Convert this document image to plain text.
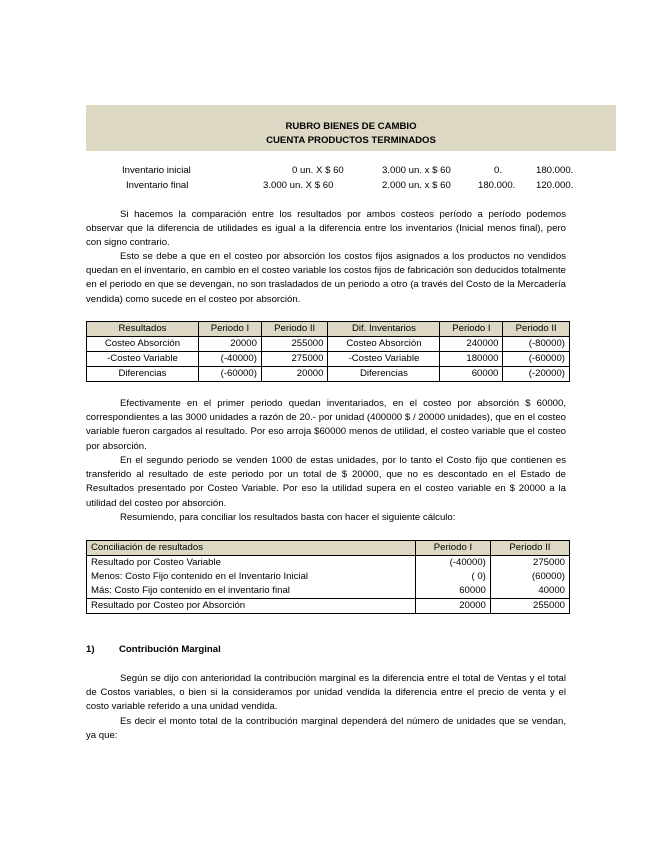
RUBRO BIENES DE CAMBIO
CUENTA PRODUCTOS TERMINADOS
Inventario inicial	0 un. X $ 60	3.000 un. x $ 60	0.	180.000.
Inventario final	3.000 un. X $ 60	2.000 un. x $ 60	180.000. 120.000.

Si hacemos la comparación entre los resultados por ambos costeos período a período podemos observar que la diferencia de utilidades es igual a la diferencia entre los inventarios (Inicial menos final), pero con signo contrario.

Esto se debe a que en el costeo por absorción los costos fijos asignados a los productos no vendidos quedan en el inventario, en cambio en el costeo variable los costos fijos de fabricación son deducidos totalmente en el periodo en que se devengan, no son trasladados de un periodo a otro (a través del Costo de la Mercadería vendida) como sucede en el costeo por absorción.

Resultados	Periodo I	Periodo II	Dif. Inventarios	Periodo I	Periodo II
Costeo Absorción	20000	255000	Costeo Absorción	240000	(-80000)
-Costeo Variable	(-40000)	275000	-Costeo Variable	180000	(-60000)
Diferencias	(-60000)	20000	Diferencias	60000	(-20000)

Efectivamente en el primer periodo quedan inventariados, en el costeo por absorción $ 60000, correspondientes a las 3000 unidades a razón de 20.- por unidad (400000 $ / 20000 unidades), que en el costeo variable fueron cargados al resultado. Por eso arroja $60000 menos de utilidad, el costeo variable que el costeo por absorción.

En el segundo periodo se venden 1000 de estas unidades, por lo tanto el Costo fijo que contienen es transferido al resultado de este periodo por un total de $ 20000, que no es descontado en el Estado de Resultados presentado por Costeo Variable. Por eso la utilidad supera en el costeo variable en $ 20000 a la utilidad del costeo por absorción.

Resumiendo, para conciliar los resultados basta con hacer el siguiente cálculo:

Conciliación de resultados	Periodo I	Periodo II
Resultado por Costeo Variable	(-40000)	275000
Menos: Costo Fijo contenido en el Inventario Inicial	( 0)	(60000)
Más: Costo Fijo contenido en el inventario final	60000	40000
Resultado por Costeo por Absorción	20000	255000
1)	Contribución Marginal

Según se dijo con anterioridad la contribución marginal es la diferencia entre el total de Ventas y el total de Costos variables, o bien si la consideramos por unidad vendida la diferencia entre el precio de venta y el costo variable referido a una unidad vendida.

Es decir el monto total de la contribución marginal dependerá del número de unidades que se vendan, ya que:
